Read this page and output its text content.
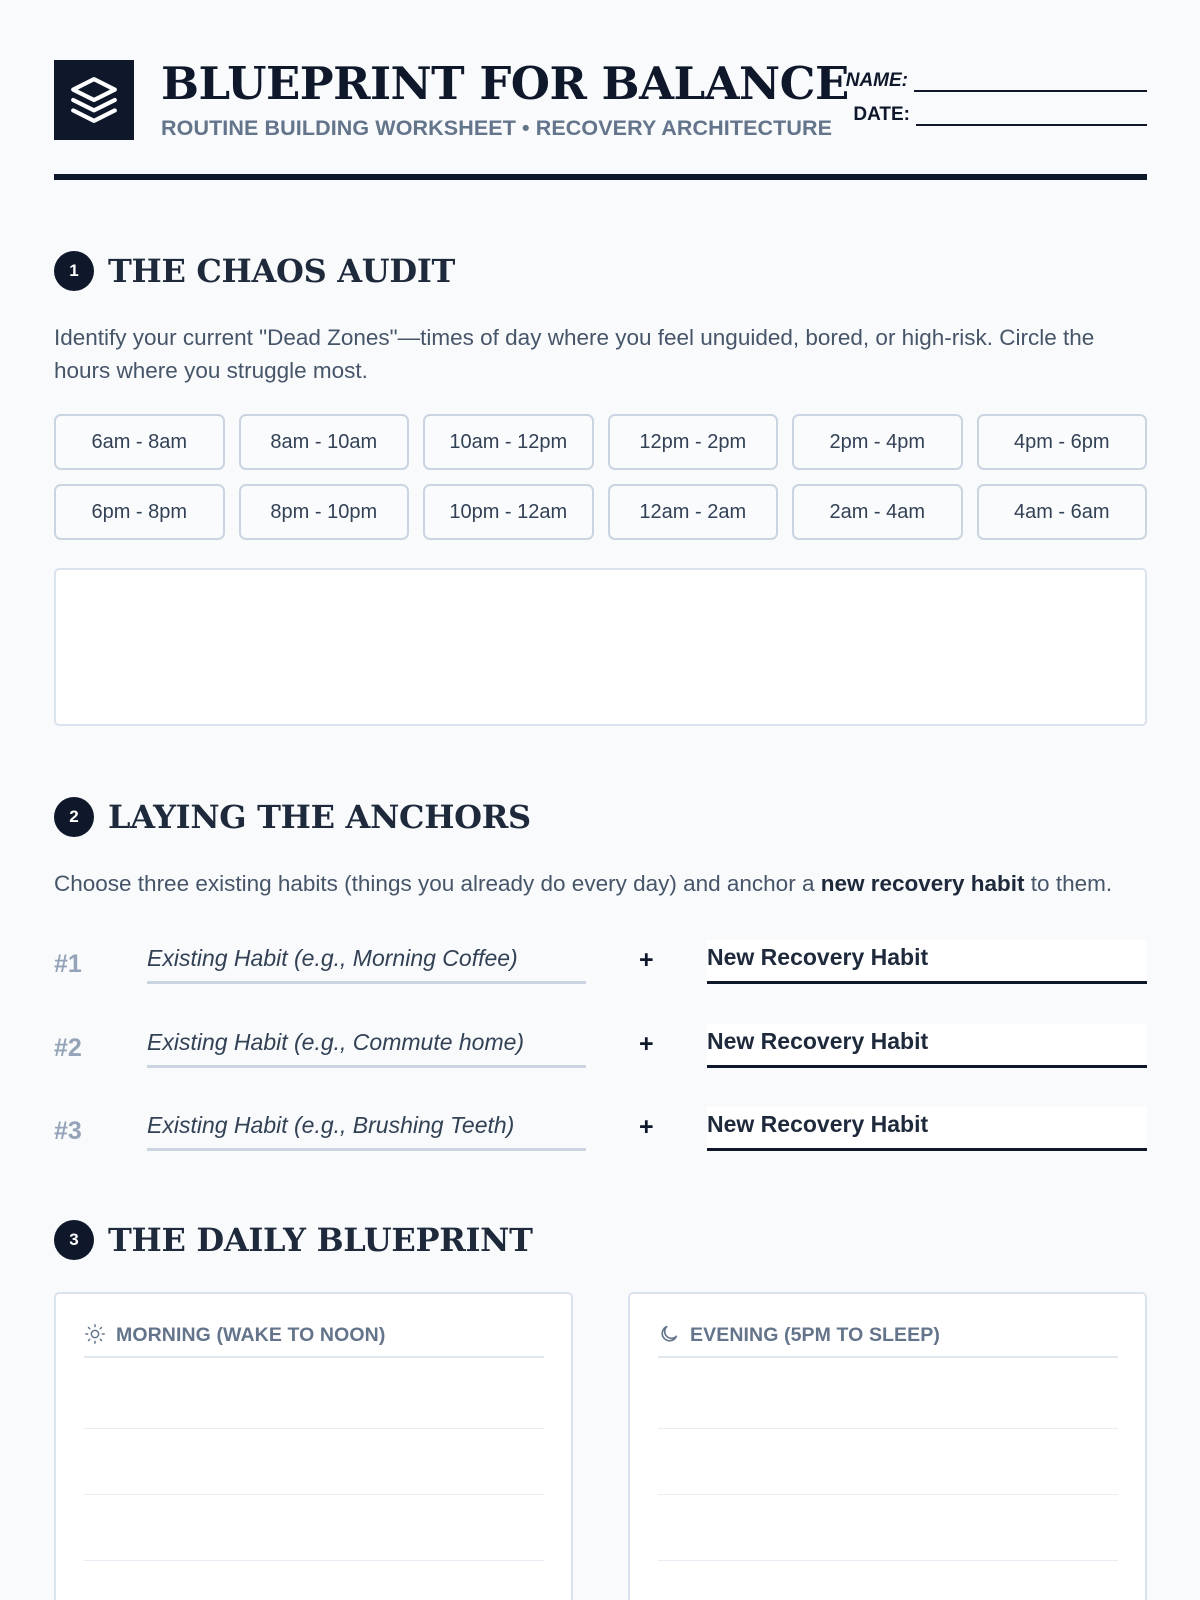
BLUEPRINT FOR BALANCE
ROUTINE BUILDING WORKSHEET • RECOVERY ARCHITECTURE
NAME:
DATE:
1 THE CHAOS AUDIT
Identify your current "Dead Zones"—times of day where you feel unguided, bored, or high-risk. Circle the hours where you struggle most.
6am - 8am	8am - 10am	10am - 12pm	12pm - 2pm	2pm - 4pm	4pm - 6pm
6pm - 8pm	8pm - 10pm	10pm - 12am	12am - 2am	2am - 4am	4am - 6am
2 LAYING THE ANCHORS
Choose three existing habits (things you already do every day) and anchor a new recovery habit to them.
#1	Existing Habit (e.g., Morning Coffee)	+ New Recovery Habit
#2	Existing Habit (e.g., Commute home)	+ New Recovery Habit
#3	Existing Habit (e.g., Brushing Teeth)	+ New Recovery Habit
3 THE DAILY BLUEPRINT
MORNING (WAKE TO NOON)	EVENING (5PM TO SLEEP)
